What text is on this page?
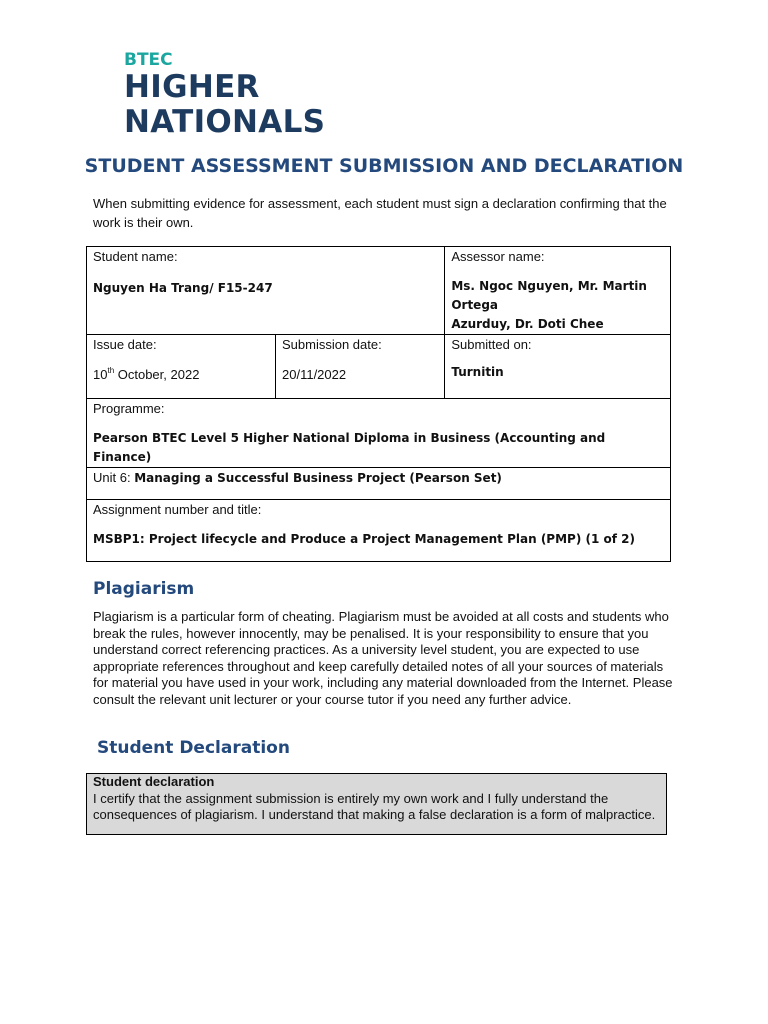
BTEC
HIGHER
NATIONALS
STUDENT ASSESSMENT SUBMISSION AND DECLARATION
When submitting evidence for assessment, each student must sign a declaration confirming that the work is their own.
Student name:
Nguyen Ha Trang/ F15-247		Assessor name:
Ms. Ngoc Nguyen, Mr. Martin Ortega
Azurduy, Dr. Doti Chee

Issue date:
10th October, 2022	Submission date:
20/11/2022	Submitted on:
Turnitin

Programme:
Pearson BTEC Level 5 Higher National Diploma in Business (Accounting and Finance)		

Unit 6: Managing a Successful Business Project (Pearson Set)		

Assignment number and title:
MSBP1: Project lifecycle and Produce a Project Management Plan (PMP) (1 of 2)		
Plagiarism
Plagiarism is a particular form of cheating. Plagiarism must be avoided at all costs and students who break the rules, however innocently, may be penalised. It is your responsibility to ensure that you understand correct referencing practices. As a university level student, you are expected to use appropriate references throughout and keep carefully detailed notes of all your sources of materials for material you have used in your work, including any material downloaded from the Internet. Please consult the relevant unit lecturer or your course tutor if you need any further advice.
Student Declaration
Student declaration
I certify that the assignment submission is entirely my own work and I fully understand the consequences of plagiarism. I understand that making a false declaration is a form of malpractice.
